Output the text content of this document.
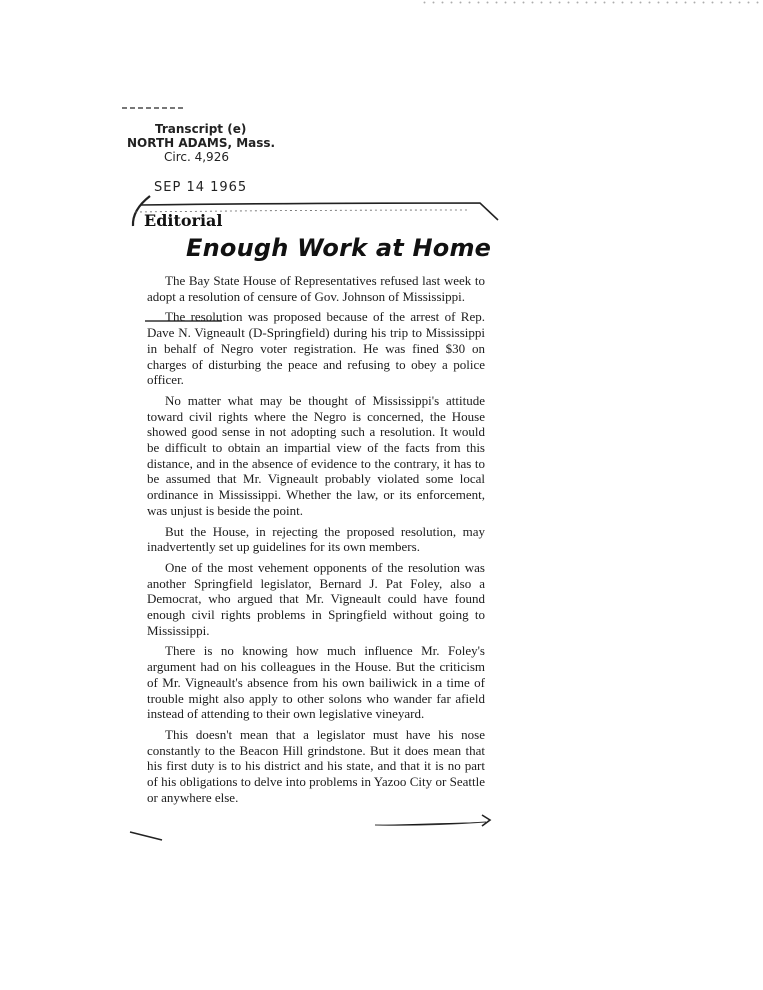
Transcript (e)
NORTH ADAMS, Mass.
Circ. 4,926
SEP 14 1965
Editorial
Enough Work at Home

The Bay State House of Representatives refused last week to adopt a resolution of censure of Gov. Johnson of Mississippi.

The resolution was proposed because of the arrest of Rep. Dave N. Vigneault (D-Springfield) during his trip to Mississippi in behalf of Negro voter registration. He was fined $30 on charges of disturbing the peace and refusing to obey a police officer.

No matter what may be thought of Mississippi's attitude toward civil rights where the Negro is concerned, the House showed good sense in not adopting such a resolution. It would be difficult to obtain an impartial view of the facts from this distance, and in the absence of evidence to the contrary, it has to be assumed that Mr. Vigneault probably violated some local ordinance in Mississippi. Whether the law, or its enforcement, was unjust is beside the point.

But the House, in rejecting the proposed resolution, may inadvertently set up guidelines for its own members.

One of the most vehement opponents of the resolution was another Springfield legislator, Bernard J. Pat Foley, also a Democrat, who argued that Mr. Vigneault could have found enough civil rights problems in Springfield without going to Mississippi.

There is no knowing how much influence Mr. Foley's argument had on his colleagues in the House. But the criticism of Mr. Vigneault's absence from his own bailiwick in a time of trouble might also apply to other solons who wander far afield instead of attending to their own legislative vineyard.

This doesn't mean that a legislator must have his nose constantly to the Beacon Hill grindstone. But it does mean that his first duty is to his district and his state, and that it is no part of his obligations to delve into problems in Yazoo City or Seattle or anywhere else.
